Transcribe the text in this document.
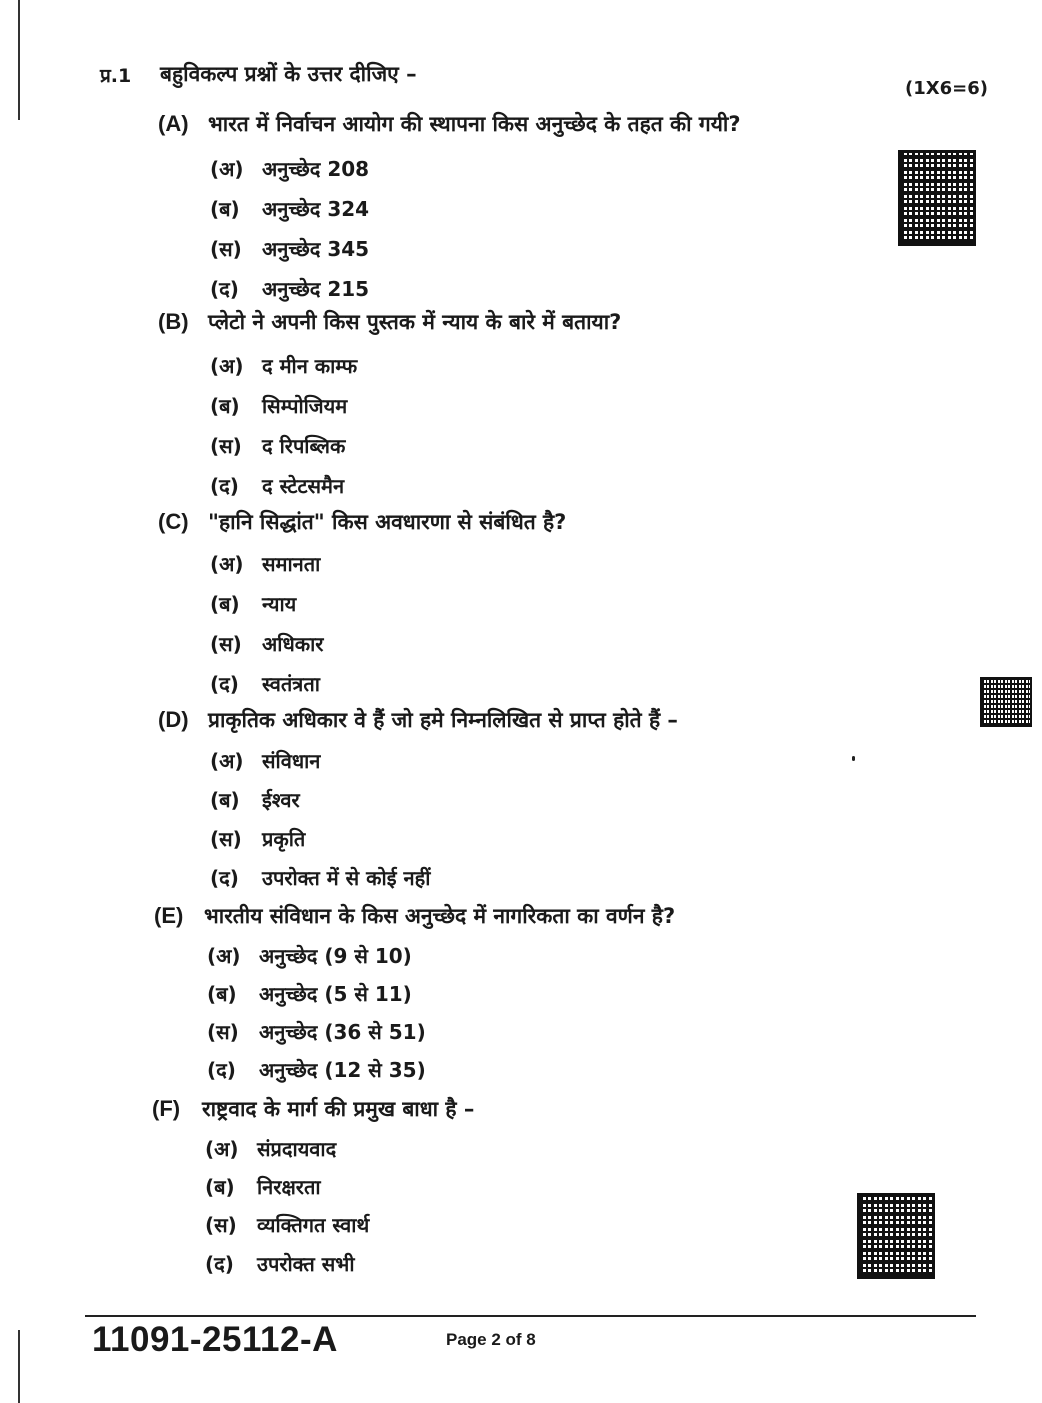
प्र.1 बहुविकल्प प्रश्नों के उत्तर दीजिए –
(1X6=6)
(A) भारत में निर्वाचन आयोग की स्थापना किस अनुच्छेद के तहत की गयी?
(अ) अनुच्छेद 208
(ब) अनुच्छेद 324
(स) अनुच्छेद 345
(द) अनुच्छेद 215
(B) प्लेटो ने अपनी किस पुस्तक में न्याय के बारे में बताया?
(अ) द मीन काम्फ
(ब) सिम्पोजियम
(स) द रिपब्लिक
(द) द स्टेटसमैन
(C) "हानि सिद्धांत" किस अवधारणा से संबंधित है?
(अ) समानता
(ब) न्याय
(स) अधिकार
(द) स्वतंत्रता
(D) प्राकृतिक अधिकार वे हैं जो हमे निम्नलिखित से प्राप्त होते हैं –
(अ) संविधान
(ब) ईश्वर
(स) प्रकृति
(द) उपरोक्त में से कोई नहीं
(E) भारतीय संविधान के किस अनुच्छेद में नागरिकता का वर्णन है?
(अ) अनुच्छेद (9 से 10)
(ब) अनुच्छेद (5 से 11)
(स) अनुच्छेद (36 से 51)
(द) अनुच्छेद (12 से 35)
(F) राष्ट्रवाद के मार्ग की प्रमुख बाधा है –
(अ) संप्रदायवाद
(ब) निरक्षरता
(स) व्यक्तिगत स्वार्थ
(द) उपरोक्त सभी
11091-25112-A	Page 2 of 8
